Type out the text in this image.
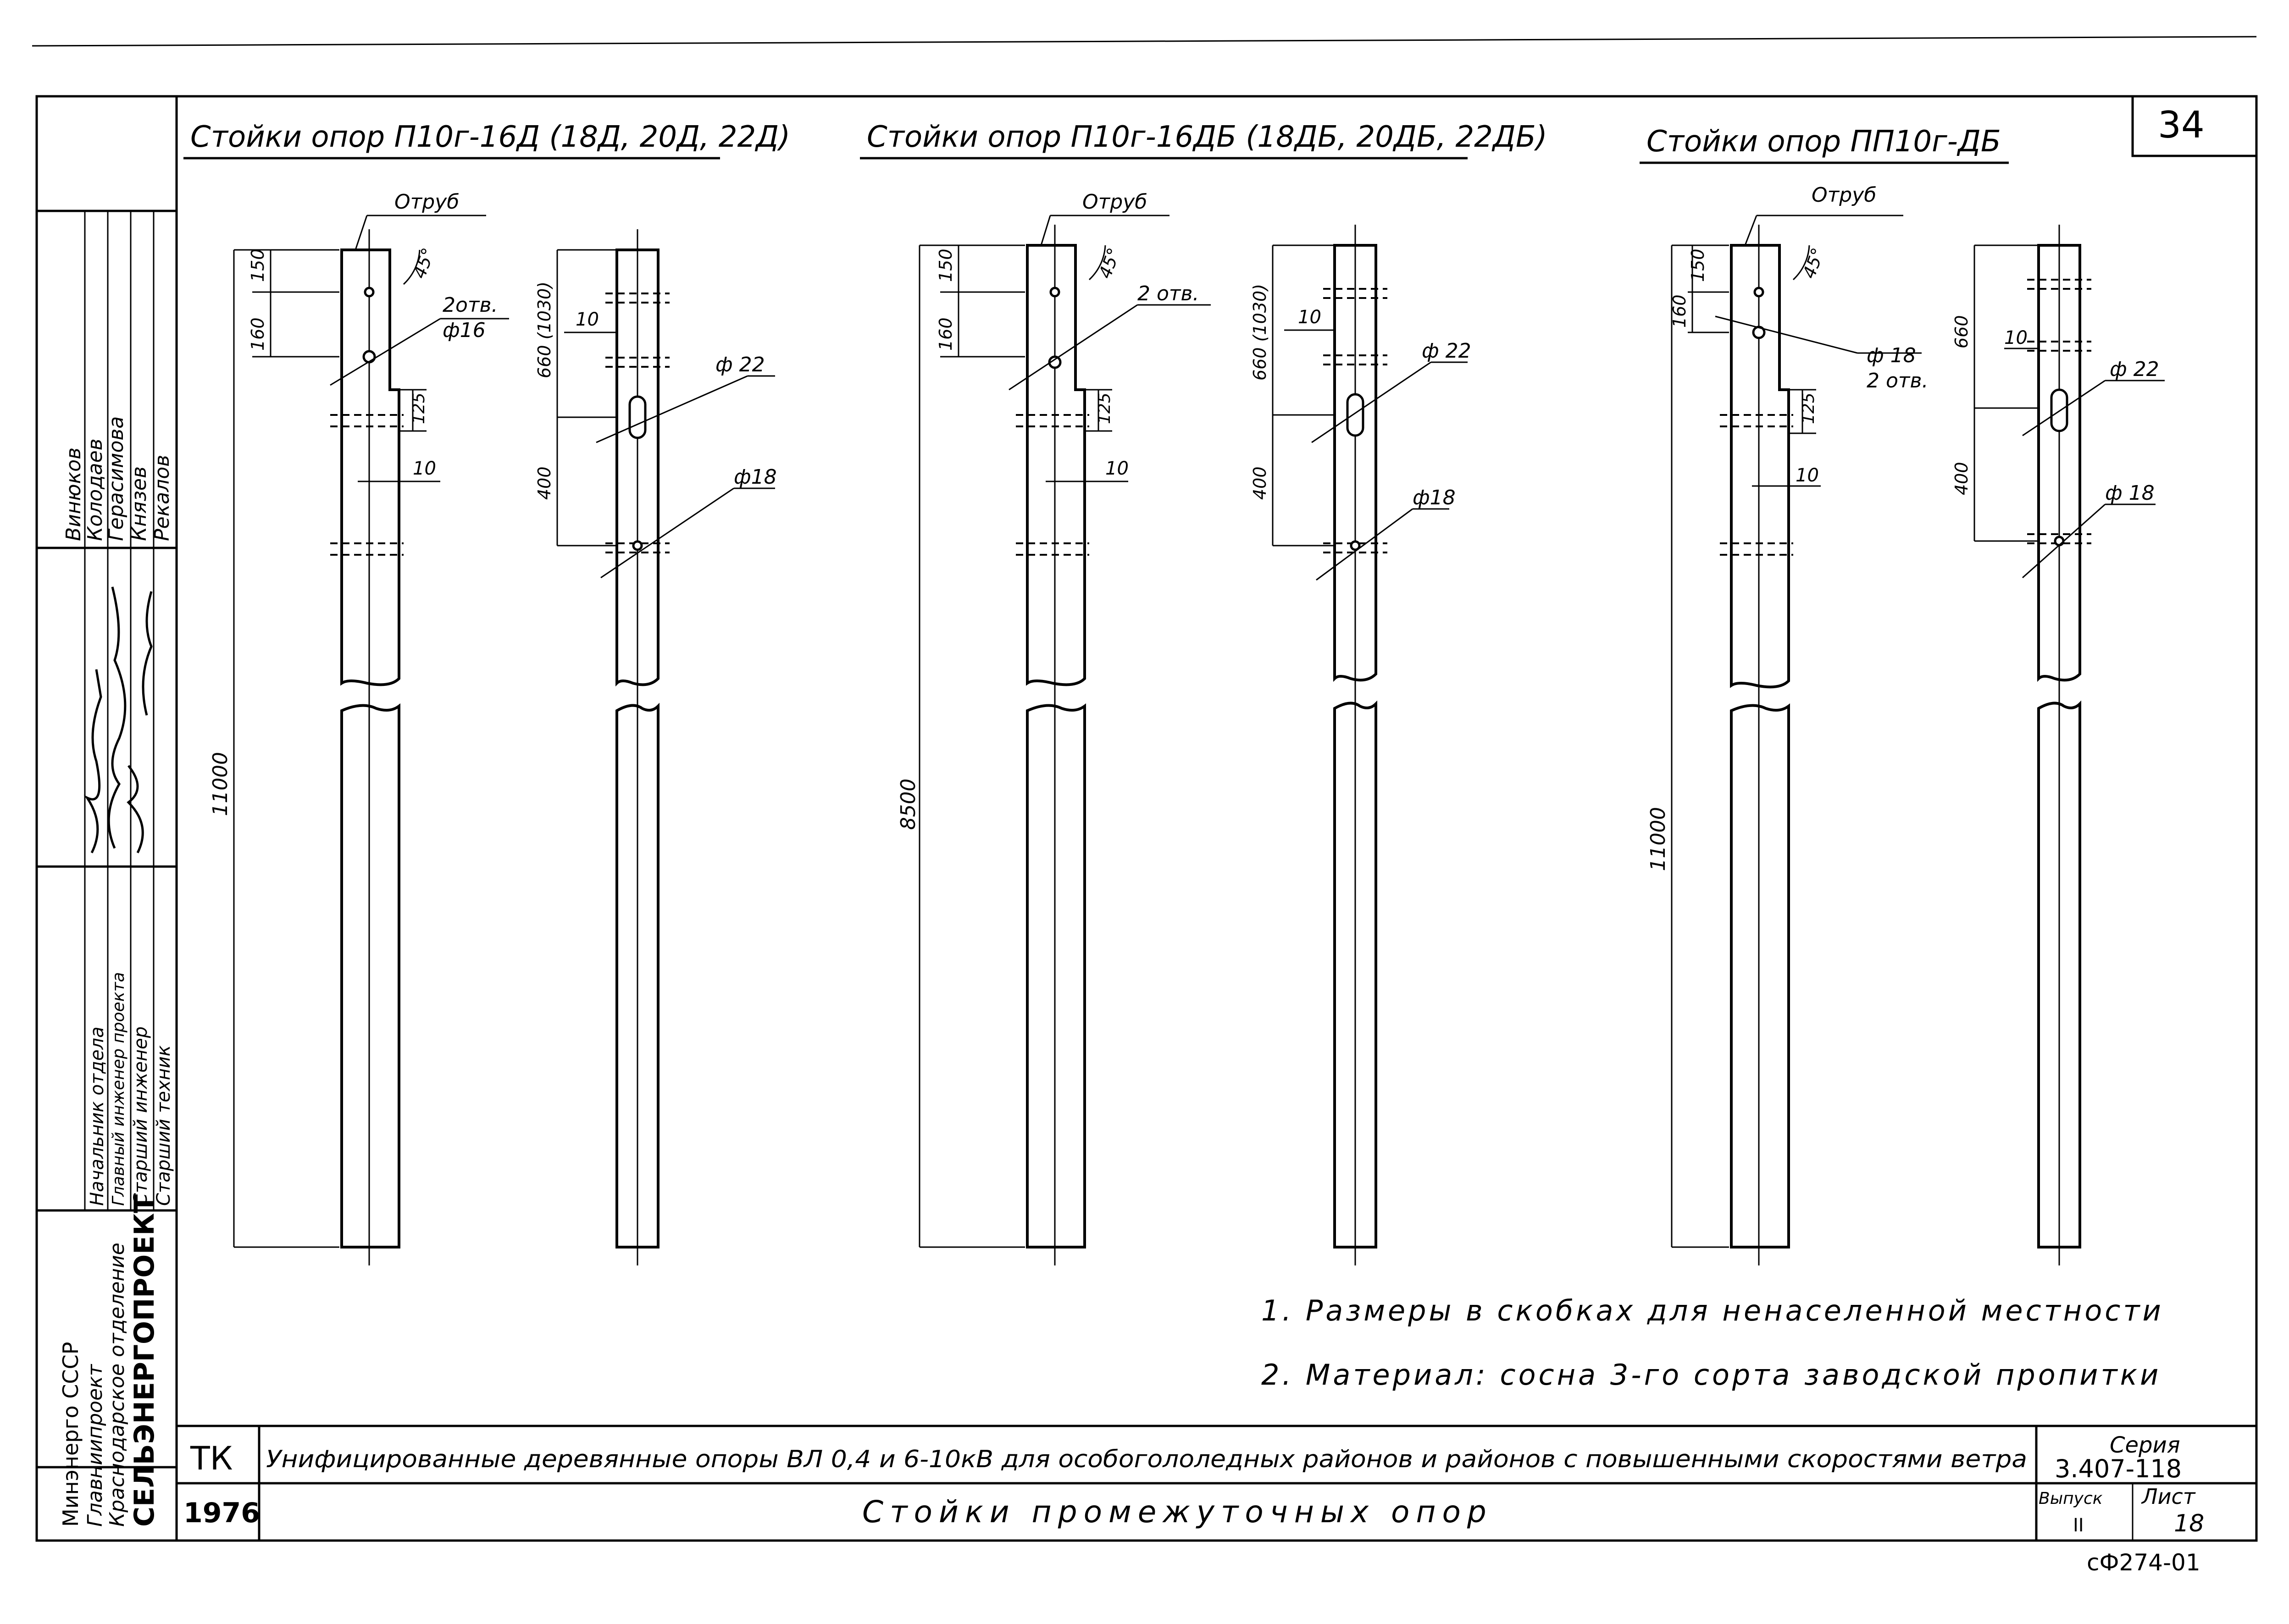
34
Начальник отдела Главный инженер проекта Старший инженер Старший техник
Винюков
Колодаев
Герасимова Князев Рекалов
Минэнерго СССР Главниипроект
Краснодарское отделение СЕЛЬЭНЕРГОПРОЕКТ ТК
1976
Унифицированные деревянные опоры ВЛ 0,4 и 6-10кВ для особогололедных районов и районов с повышенными скоростями ветра
Стойки промежуточных опор
Серия
3.407-118
Выпуск
II
Лист
18
сФ274-01
1. Размеры в скобках для ненаселенной местности
2. Материал: сосна 3-го сорта заводской пропитки
Стойки опор П10г-16Д (18Д, 20Д, 22Д)	Стойки опор П10г-16ДБ (18ДБ, 20ДБ, 22ДБ)	Стойки опор ПП10г-ДБ
Отруб
45°
2отв.
ф16
150
160
125
10
660 (1030)
400
10
ф 22
ф18
11000
Отруб
45°
2 отв.
150
160
125
10
660 (1030)
400
10
ф 22
ф18
8500
Отруб
45°
ф 18
2 отв.
150
160
125
10
660
400
10
ф 22
ф 18
11000
